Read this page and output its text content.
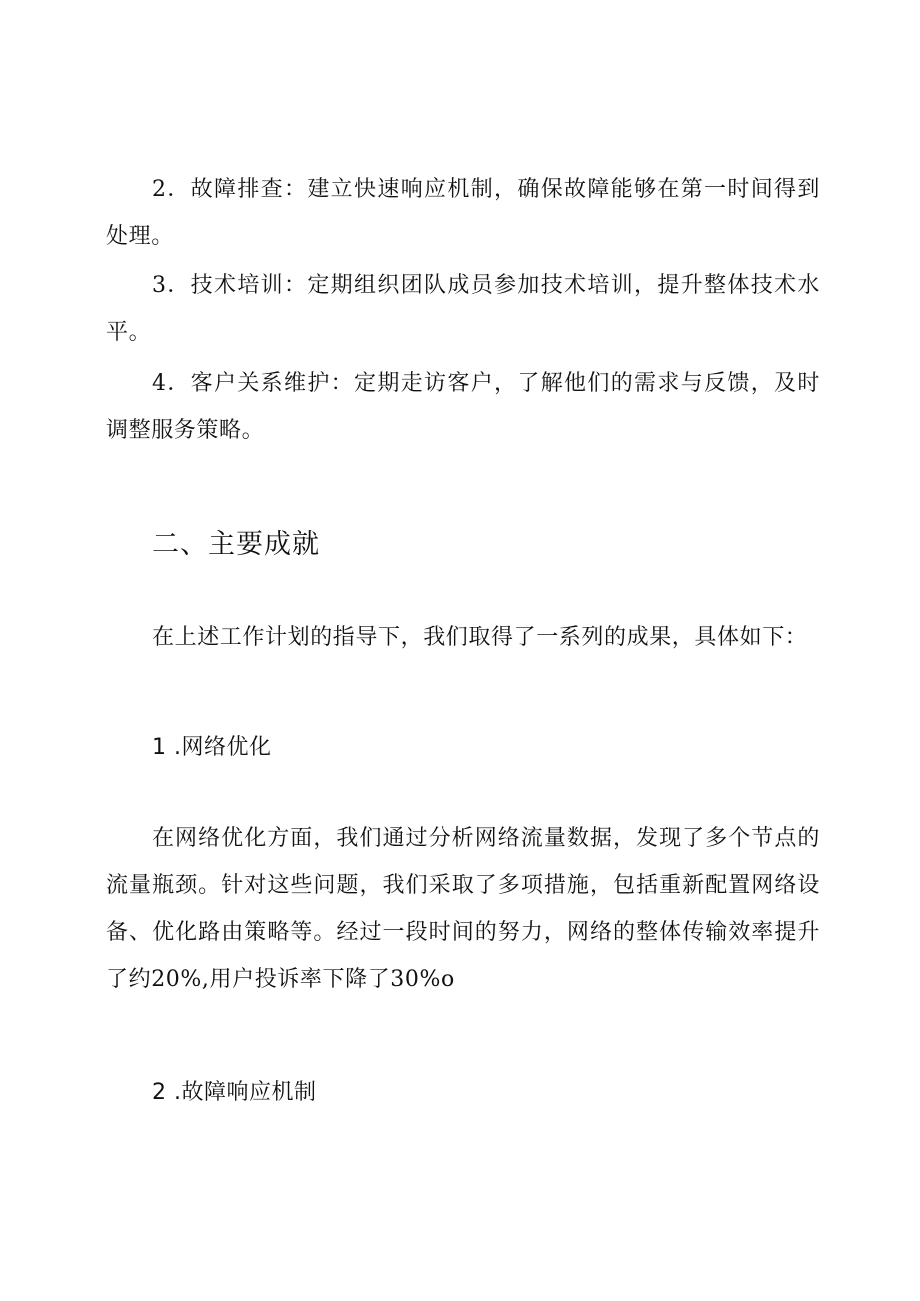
2．故障排查：建立快速响应机制，确保故障能够在第一时间得到处理。

3．技术培训：定期组织团队成员参加技术培训，提升整体技术水平。

4．客户关系维护：定期走访客户，了解他们的需求与反馈，及时调整服务策略。

二、主要成就

在上述工作计划的指导下，我们取得了一系列的成果，具体如下：

1 .网络优化

在网络优化方面，我们通过分析网络流量数据，发现了多个节点的流量瓶颈。针对这些问题，我们采取了多项措施，包括重新配置网络设备、优化路由策略等。经过一段时间的努力，网络的整体传输效率提升了约20%,用户投诉率下降了30%o

2 .故障响应机制
